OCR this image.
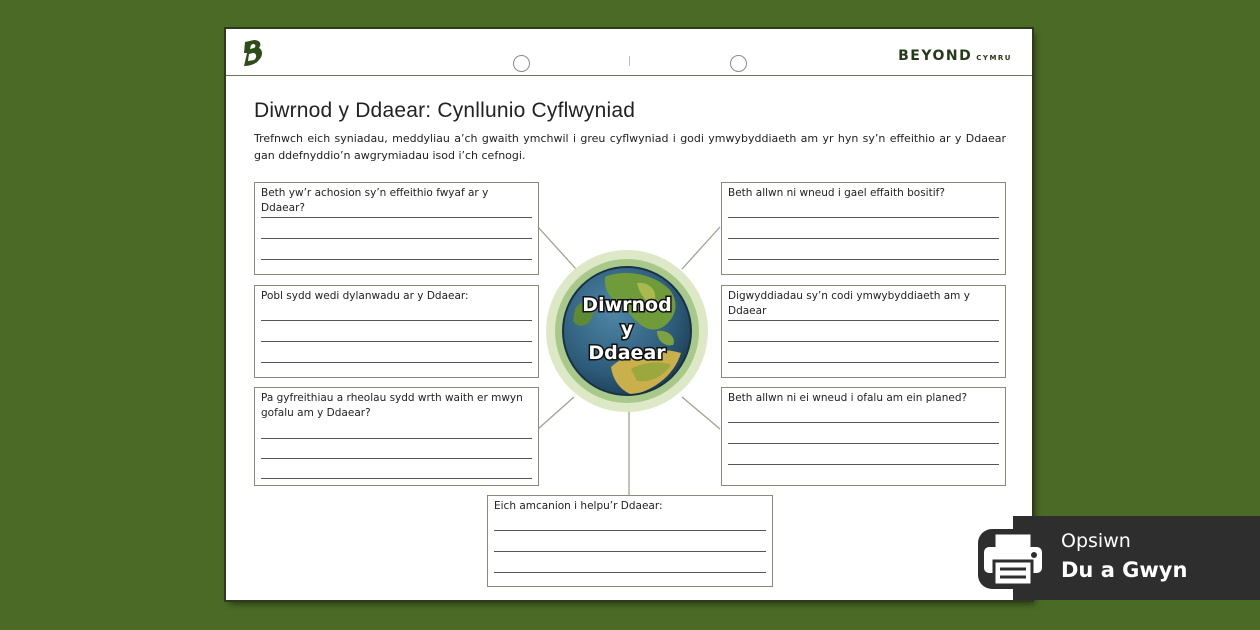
BEYOND CYMRU
Diwrnod y Ddaear: Cynllunio Cyflwyniad
Trefnwch eich syniadau, meddyliau a’ch gwaith ymchwil i greu cyflwyniad i godi ymwybyddiaeth am yr hyn sy’n effeithio ar y Ddaear gan ddefnyddio’n awgrymiadau isod i’ch cefnogi.
Beth yw’r achosion sy’n effeithio fwyaf ar y Ddaear?
Pobl sydd wedi dylanwadu ar y Ddaear:
Pa gyfreithiau a rheolau sydd wrth waith er mwyn gofalu am y Ddaear?
Beth allwn ni wneud i gael effaith bositif?
Digwyddiadau sy’n codi ymwybyddiaeth am y Ddaear
Beth allwn ni ei wneud i ofalu am ein planed?
Eich amcanion i helpu’r Ddaear:
Diwrnod
y
Ddaear
Opsiwn
Du a Gwyn
